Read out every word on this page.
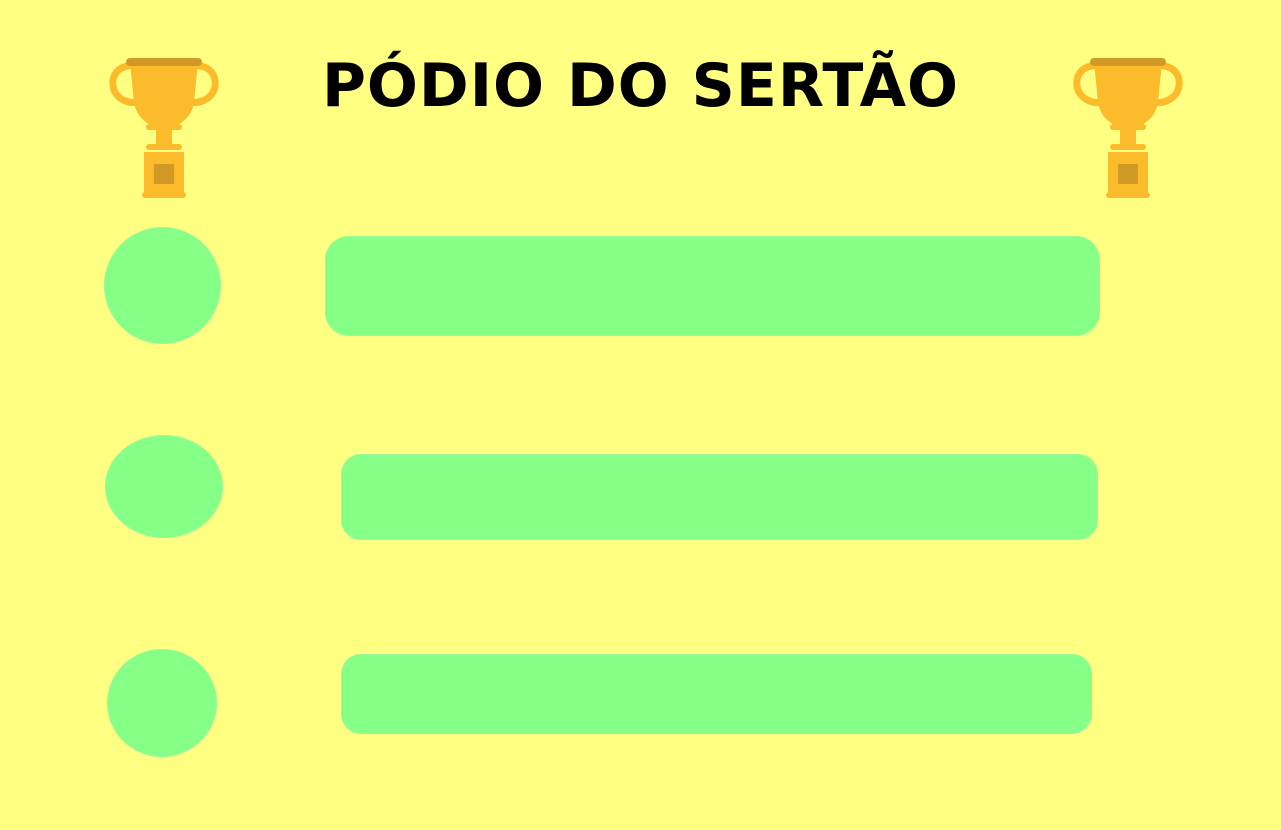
PÓDIO DO SERTÃO
